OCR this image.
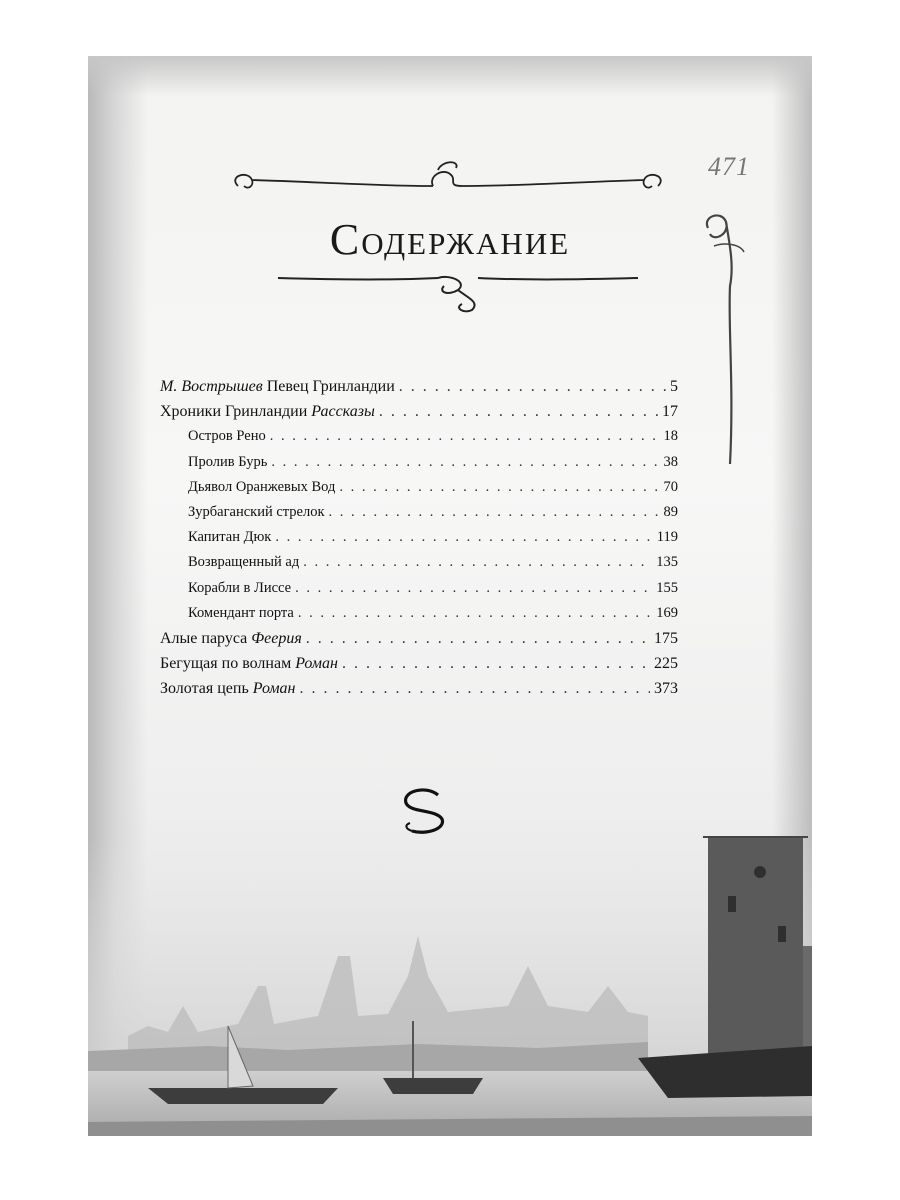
471
Содержание
М. Вострышев Певец Гринландии . . .	5
Хроники Гринландии Рассказы . . .	17
Остров Рено . . .	18
Пролив Бурь . . .	38
Дьявол Оранжевых Вод . . .	70
Зурбаганский стрелок . . .	89
Капитан Дюк . . .	119
Возвращенный ад . . .	135
Корабли в Лиссе . . .	155
Комендант порта . . .	169
Алые паруса Феерия . . .	175
Бегущая по волнам Роман . . .	225
Золотая цепь Роман . . .	373
